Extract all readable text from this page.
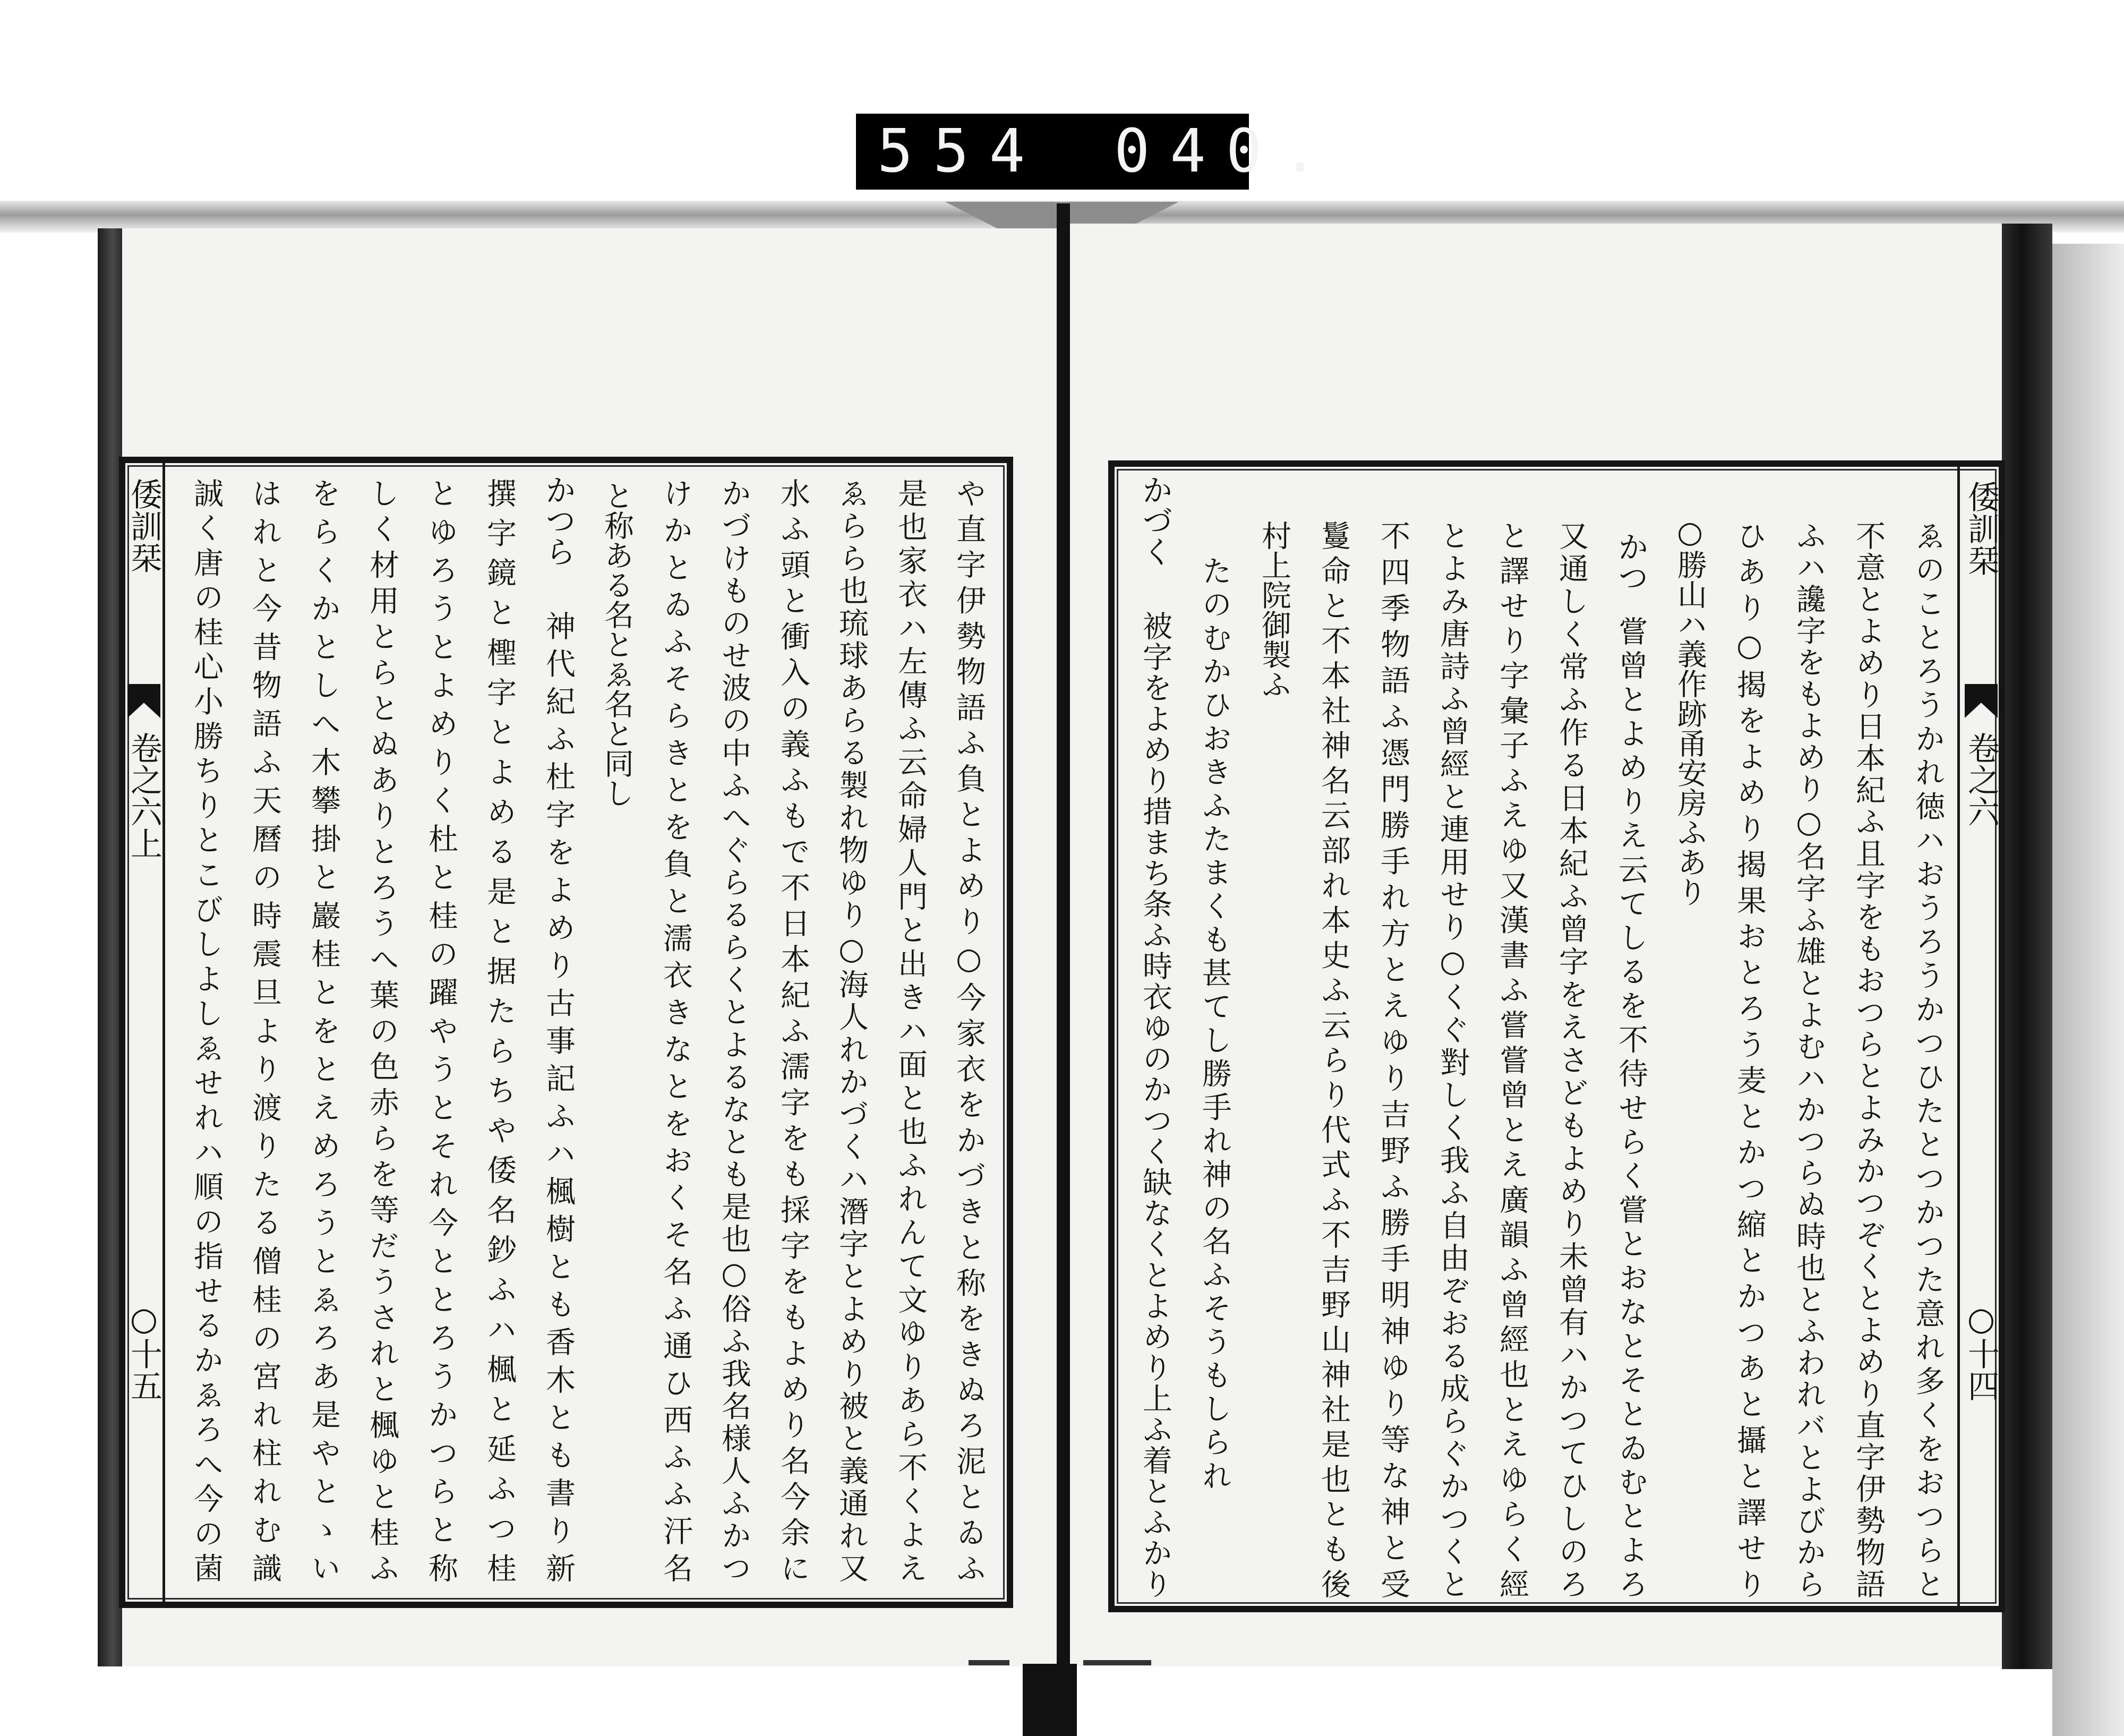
554 040.
倭訓栞
卷之六
○十四
ゑのことろうかれ徳ハおうろうかつひたとつかつた意れ多くをおつらと
不意とよめり日本紀ふ且字をもおつらとよみかつぞくとよめり直字伊勢物語
ふハ讒字をもよめり○名字ふ雄とよむハかつらぬ時也とふわれバとよびから
ひあり○揭をよめり揭果おとろう麦とかつ縮とかつあと攝と譯せり
○勝山ハ義作跡甬安房ふあり
かつ
嘗曾とよめりえ云てしるを不待せらく嘗とおなとそとゐむとよろ
又通しく常ふ作る日本紀ふ曾字をえさどもよめり未曾有ハかつてひしのろ
と譯せり字彙子ふえゆ又漢書ふ嘗嘗曾とえ廣韻ふ曾經也とえゆらく經
とよみ唐詩ふ曾經と連用せり○くぐ對しく我ふ自由ぞおる成らぐかつくと
不四季物語ふ憑門勝手れ方とえゆり吉野ふ勝手明神ゆり等な神と受
鬘命と不本社神名云部れ本史ふ云らり代式ふ不吉野山神社是也とも後
村上院御製ふ
たのむかひおきふたまくも甚てし勝手れ神の名ふそうもしられ
かづく
被字をよめり措まち条ふ時衣ゆのかつく缺なくとよめり上ふ着とふかり
や直字伊勢物語ふ負とよめり○今家衣をかづきと称をきぬろ泥とゐふ
是也家衣ハ左傳ふ云命婦人門と出きハ面と也ふれんて文ゆりあら不くよえ
ゑらら也琉球あらる製れ物ゆり○海人れかづくハ潛字とよめり被と義通れ又
水ふ頭と衝入の義ふもで不日本紀ふ濡字をも採字をもよめり名今余に
かづけものせ波の中ふへぐらるらくとよるなとも是也○俗ふ我名様人ふかつ
けかとゐふそらきとを負と濡衣きなとをおくそ名ふ通ひ西ふふ汗名
と称ある名とゑ名と同し
かつら
神代紀ふ杜字をよめり古事記ふハ楓樹とも香木とも書り新
撰字鏡と檉字とよめる是と据たらちや倭名鈔ふハ楓と延ふつ桂
とゆろうとよめりく杜と桂の躍やうとそれ今ととろうかつらと称
しく材用とらとぬありとろうへ葉の色赤らを等だうされと楓ゆと桂ふ
をらくかとしへ木攀掛と巖桂とをとえめろうとゑろあ是やとゝい
はれと今昔物語ふ天曆の時震旦より渡りたる僧桂の宮れ柱れむ識
誠く唐の桂心小勝ちりとこびしよしゑせれハ順の指せるかゑろへ今の菌
倭訓栞
卷之六上
○十五
